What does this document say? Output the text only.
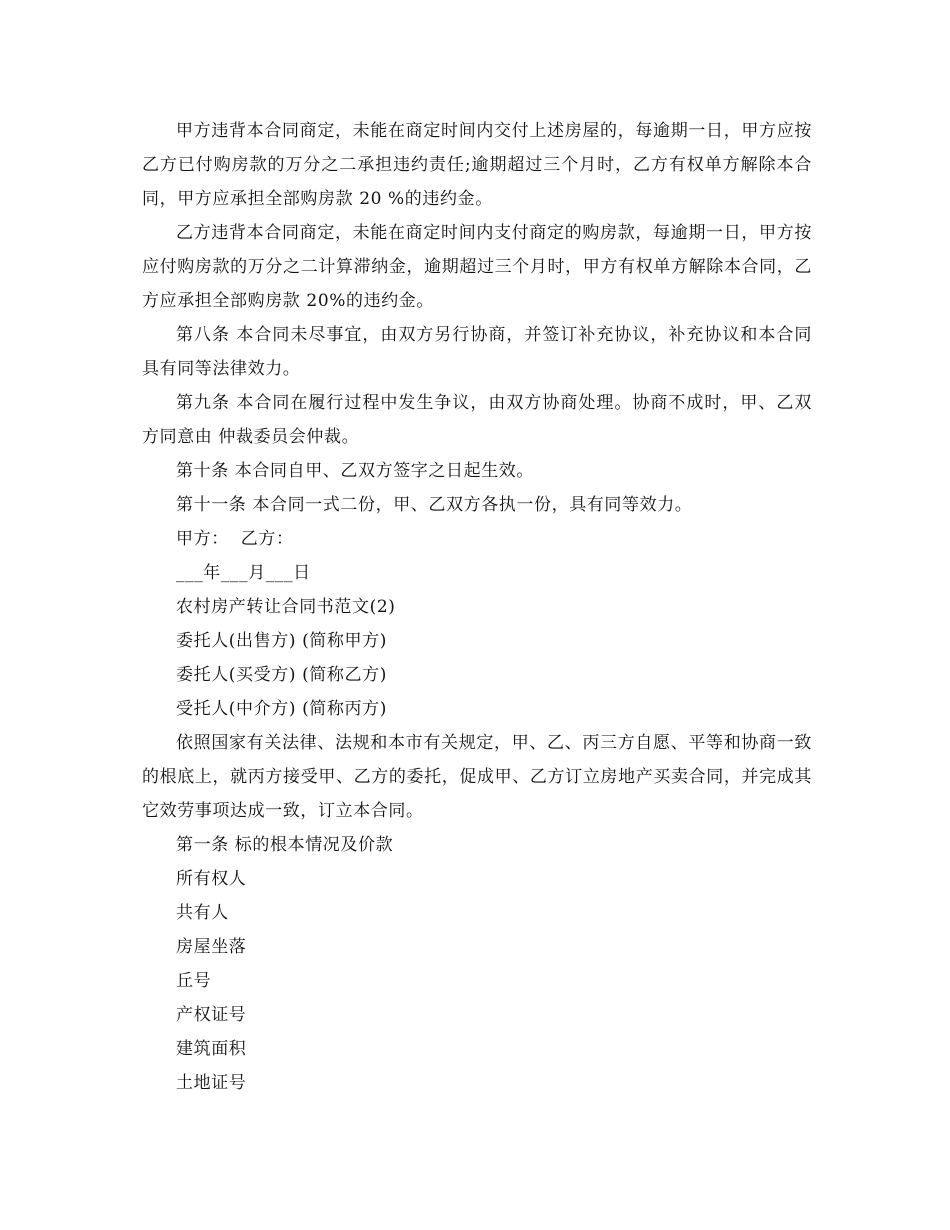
甲方违背本合同商定，未能在商定时间内交付上述房屋的，每逾期一日，甲方应按乙方已付购房款的万分之二承担违约责任;逾期超过三个月时，乙方有权单方解除本合同，甲方应承担全部购房款 20 %的违约金。

乙方违背本合同商定，未能在商定时间内支付商定的购房款，每逾期一日，甲方按应付购房款的万分之二计算滞纳金，逾期超过三个月时，甲方有权单方解除本合同，乙方应承担全部购房款 20%的违约金。

第八条 本合同未尽事宜，由双方另行协商，并签订补充协议，补充协议和本合同具有同等法律效力。

第九条 本合同在履行过程中发生争议，由双方协商处理。协商不成时，甲、乙双方同意由 仲裁委员会仲裁。

第十条 本合同自甲、乙双方签字之日起生效。

第十一条 本合同一式二份，甲、乙双方各执一份，具有同等效力。

甲方：  乙方：

___年___月___日

农村房产转让合同书范文(2)

委托人(出售方) (简称甲方)

委托人(买受方) (简称乙方)

受托人(中介方) (简称丙方)

依照国家有关法律、法规和本市有关规定，甲、乙、丙三方自愿、平等和协商一致的根底上，就丙方接受甲、乙方的委托，促成甲、乙方订立房地产买卖合同，并完成其它效劳事项达成一致，订立本合同。

第一条 标的根本情况及价款

所有权人

共有人

房屋坐落

丘号

产权证号

建筑面积

土地证号
